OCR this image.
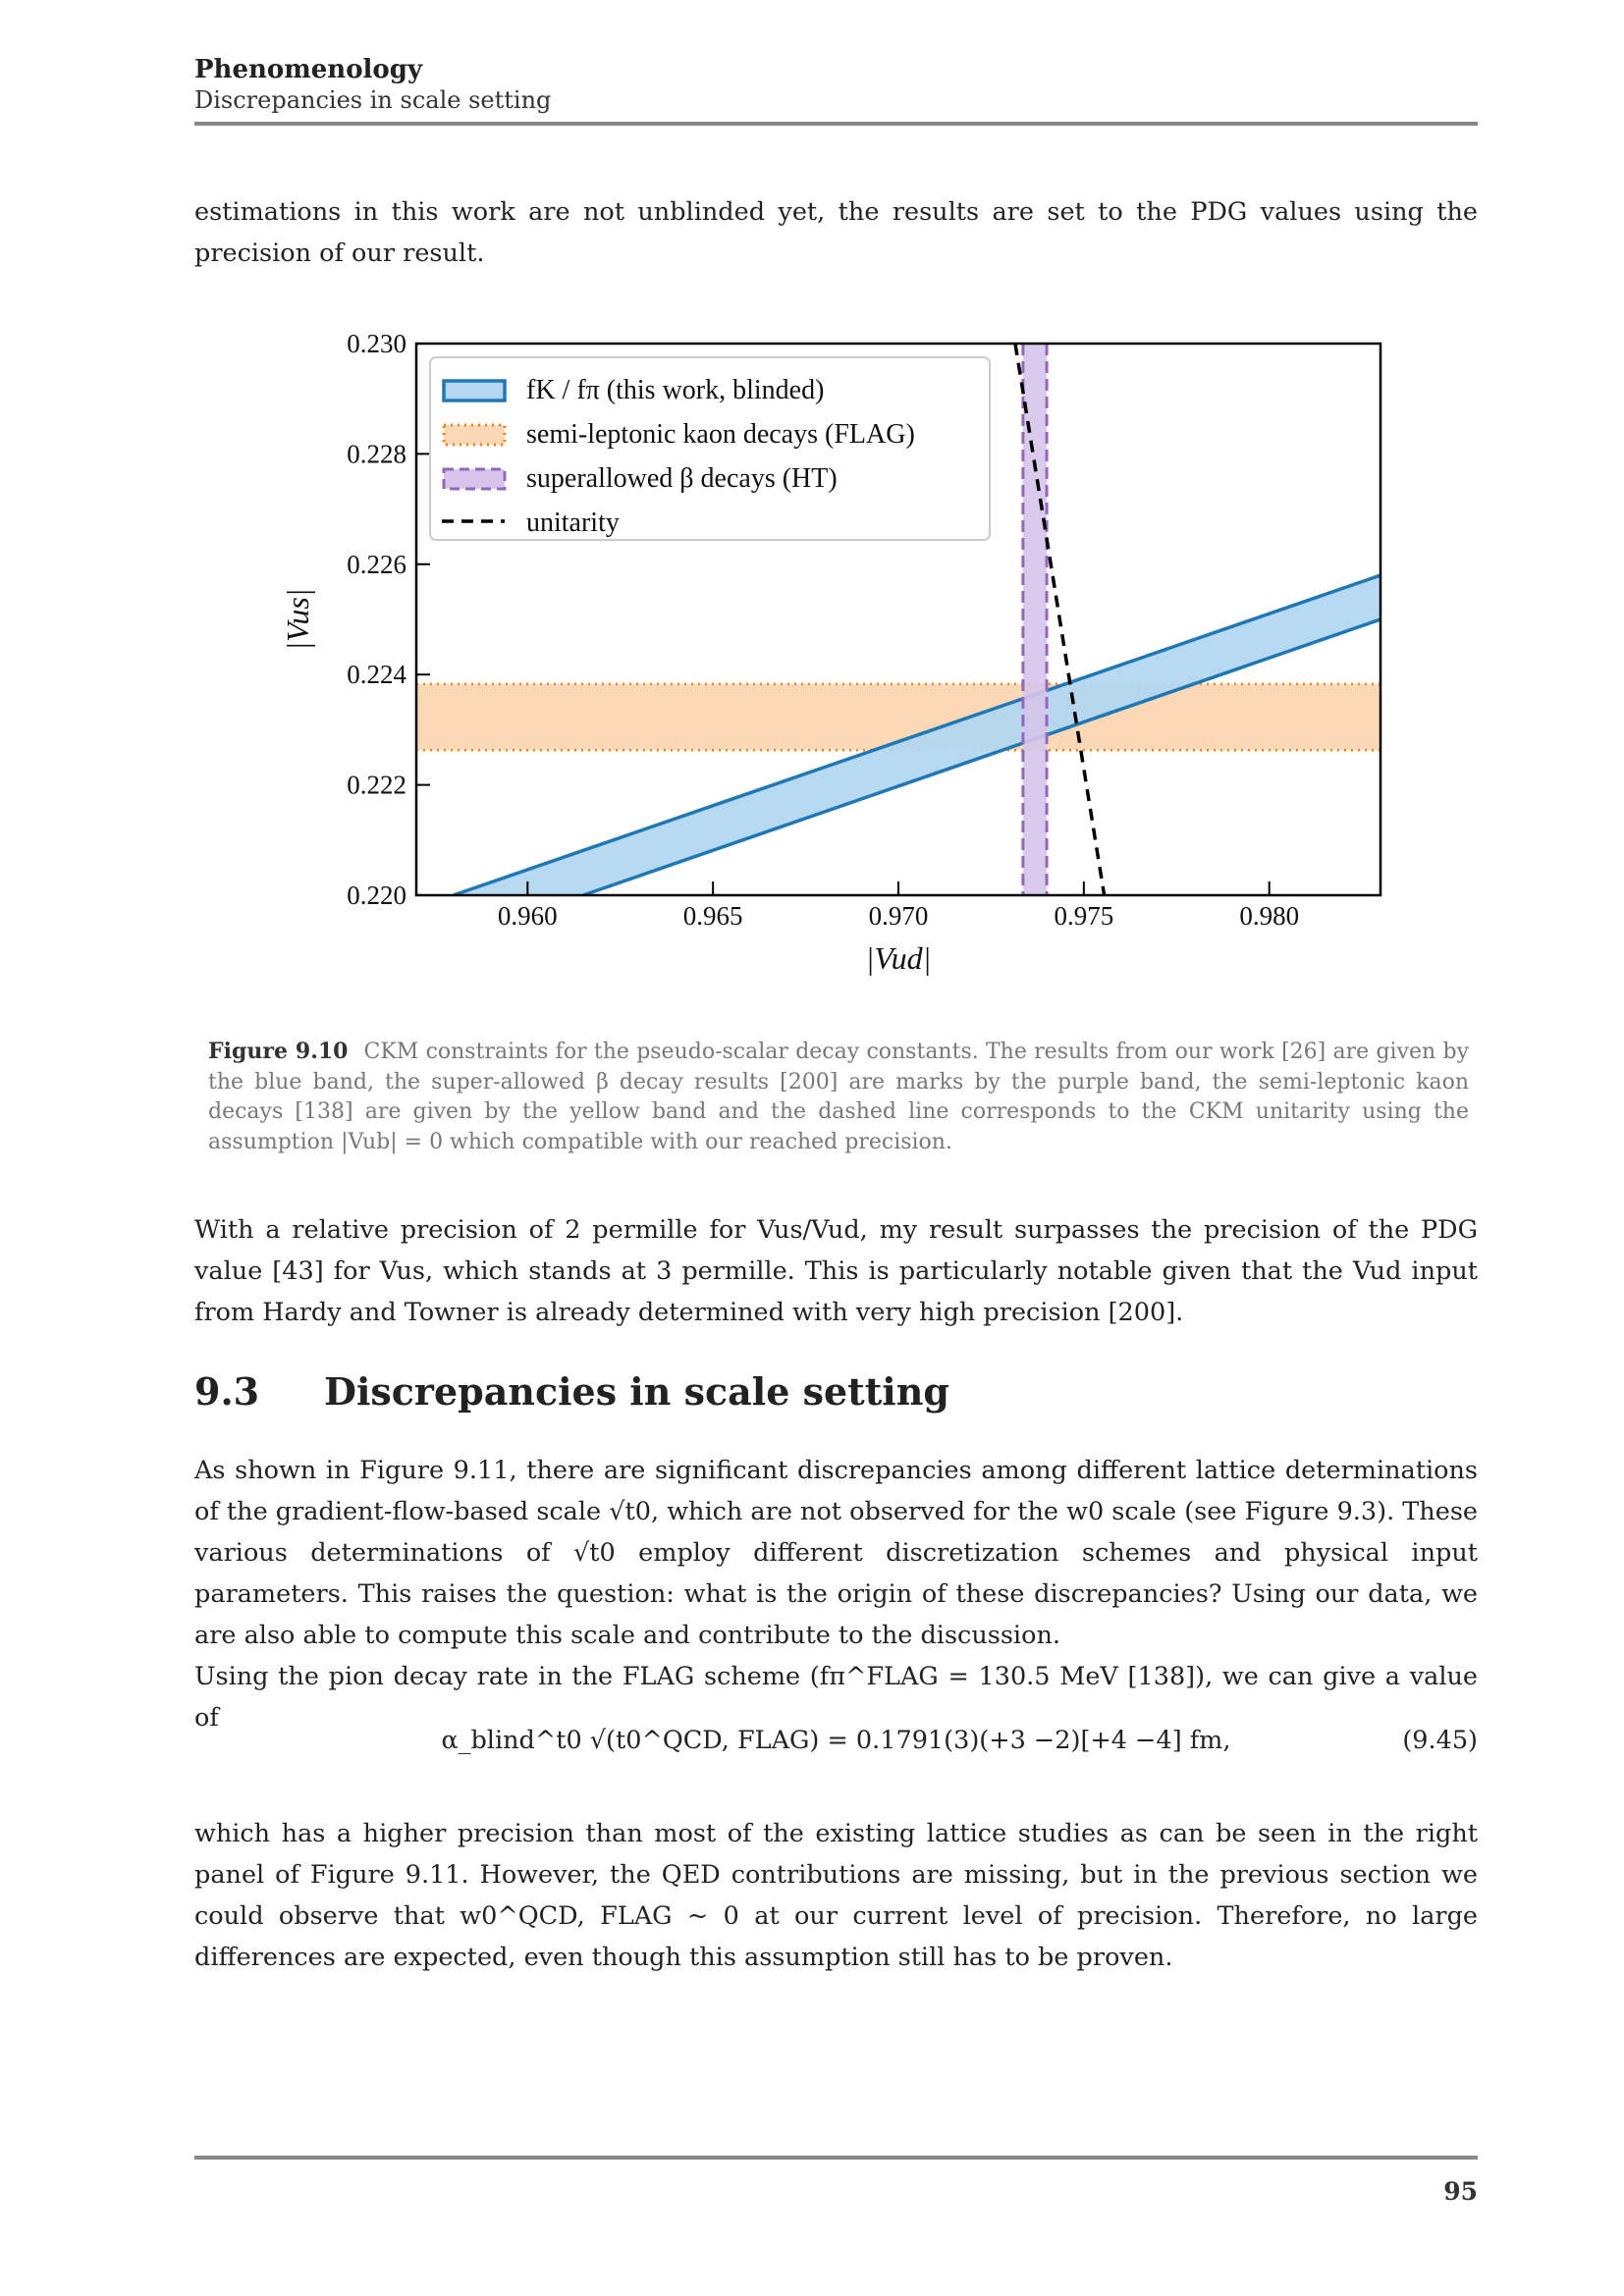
Phenomenology
Discrepancies in scale setting

estimations in this work are not unblinded yet, the results are set to the PDG values using the precision of our result.

0.960	0.965	0.970	0.975	0.980
0.220
0.222
0.224
0.226
0.228
0.230
|Vud|
|Vus|
fK / fπ (this work, blinded)
semi-leptonic kaon decays (FLAG)
superallowed β decays (HT)
unitarity
Figure 9.10 CKM constraints for the pseudo-scalar decay constants. The results from our work [26] are given by the blue band, the super-allowed β decay results [200] are marks by the purple band, the semi-leptonic kaon decays [138] are given by the yellow band and the dashed line corresponds to the CKM unitarity using the assumption |Vub| = 0 which compatible with our reached precision.

With a relative precision of 2 permille for Vus/Vud, my result surpasses the precision of the PDG value [43] for Vus, which stands at 3 permille. This is particularly notable given that the Vud input from Hardy and Towner is already determined with very high precision [200].

9.3 Discrepancies in scale setting

As shown in Figure 9.11, there are significant discrepancies among different lattice determinations of the gradient-flow-based scale √t0, which are not observed for the w0 scale (see Figure 9.3). These various determinations of √t0 employ different discretization schemes and physical input parameters. This raises the question: what is the origin of these discrepancies? Using our data, we are also able to compute this scale and contribute to the discussion.

Using the pion decay rate in the FLAG scheme (fπ^FLAG = 130.5 MeV [138]), we can give a value of

α_blind^t0 √(t0^QCD, FLAG) = 0.1791(3)(+3 −2)[+4 −4] fm,	(9.45)

which has a higher precision than most of the existing lattice studies as can be seen in the right panel of Figure 9.11. However, the QED contributions are missing, but in the previous section we could observe that w0^QCD, FLAG ~ 0 at our current level of precision. Therefore, no large differences are expected, even though this assumption still has to be proven.

95
